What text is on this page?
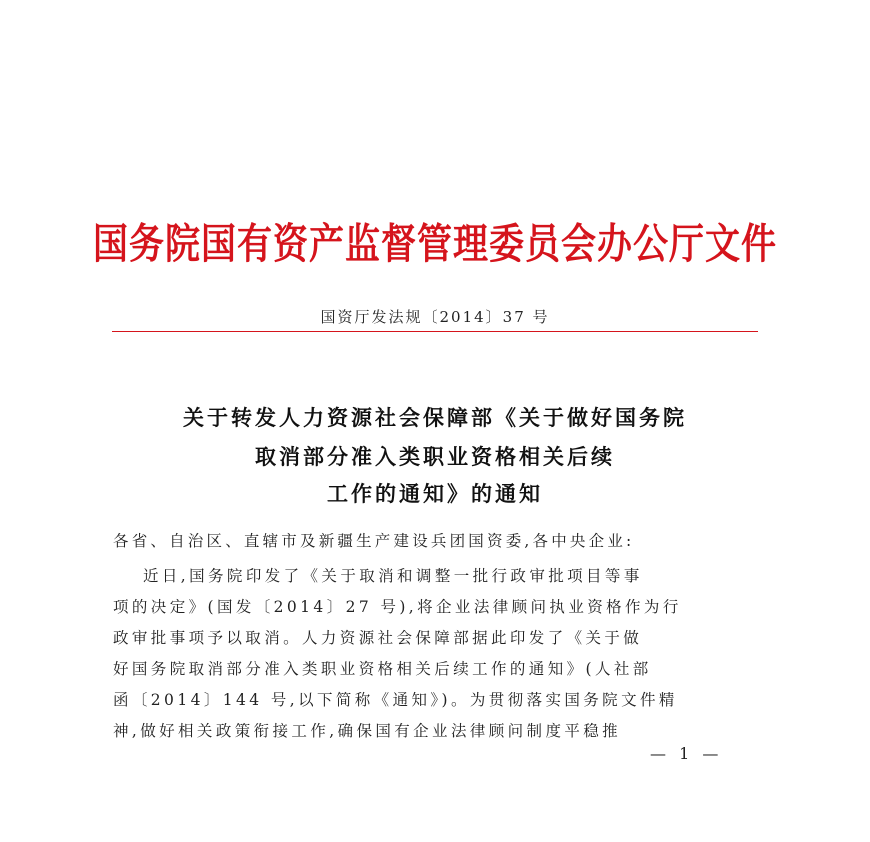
国务院国有资产监督管理委员会办公厅文件
国资厅发法规〔2014〕37 号
关于转发人力资源社会保障部《关于做好国务院
取消部分准入类职业资格相关后续
工作的通知》的通知
各省、自治区、直辖市及新疆生产建设兵团国资委,各中央企业:
近日,国务院印发了《关于取消和调整一批行政审批项目等事
项的决定》(国发〔2014〕27 号),将企业法律顾问执业资格作为行
政审批事项予以取消。人力资源社会保障部据此印发了《关于做
好国务院取消部分准入类职业资格相关后续工作的通知》(人社部
函〔2014〕144 号,以下简称《通知》)。为贯彻落实国务院文件精
神,做好相关政策衔接工作,确保国有企业法律顾问制度平稳推
— 1 —
